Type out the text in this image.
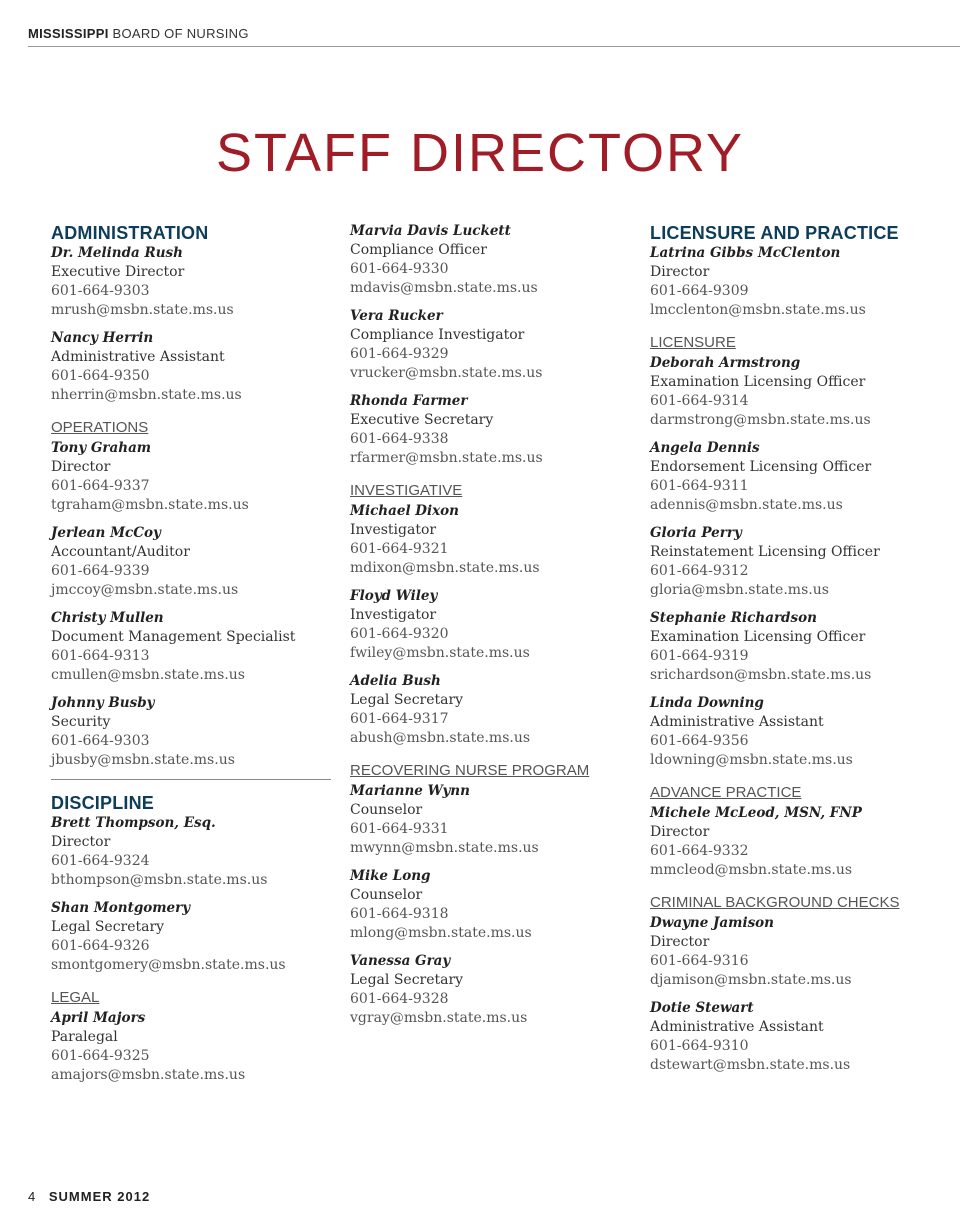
MISSISSIPPI BOARD OF NURSING
STAFF DIRECTORY
ADMINISTRATION
Dr. Melinda Rush
Executive Director
601-664-9303
mrush@msbn.state.ms.us
Nancy Herrin
Administrative Assistant
601-664-9350
nherrin@msbn.state.ms.us
OPERATIONS
Tony Graham
Director
601-664-9337
tgraham@msbn.state.ms.us
Jerlean McCoy
Accountant/Auditor
601-664-9339
jmccoy@msbn.state.ms.us
Christy Mullen
Document Management Specialist
601-664-9313
cmullen@msbn.state.ms.us
Johnny Busby
Security
601-664-9303
jbusby@msbn.state.ms.us
DISCIPLINE
Brett Thompson, Esq.
Director
601-664-9324
bthompson@msbn.state.ms.us
Shan Montgomery
Legal Secretary
601-664-9326
smontgomery@msbn.state.ms.us
LEGAL
April Majors
Paralegal
601-664-9325
amajors@msbn.state.ms.us
Marvia Davis Luckett
Compliance Officer
601-664-9330
mdavis@msbn.state.ms.us
Vera Rucker
Compliance Investigator
601-664-9329
vrucker@msbn.state.ms.us
Rhonda Farmer
Executive Secretary
601-664-9338
rfarmer@msbn.state.ms.us
INVESTIGATIVE
Michael Dixon
Investigator
601-664-9321
mdixon@msbn.state.ms.us
Floyd Wiley
Investigator
601-664-9320
fwiley@msbn.state.ms.us
Adelia Bush
Legal Secretary
601-664-9317
abush@msbn.state.ms.us
RECOVERING NURSE PROGRAM
Marianne Wynn
Counselor
601-664-9331
mwynn@msbn.state.ms.us
Mike Long
Counselor
601-664-9318
mlong@msbn.state.ms.us
Vanessa Gray
Legal Secretary
601-664-9328
vgray@msbn.state.ms.us
LICENSURE AND PRACTICE
Latrina Gibbs McClenton
Director
601-664-9309
lmcclenton@msbn.state.ms.us
LICENSURE
Deborah Armstrong
Examination Licensing Officer
601-664-9314
darmstrong@msbn.state.ms.us
Angela Dennis
Endorsement Licensing Officer
601-664-9311
adennis@msbn.state.ms.us
Gloria Perry
Reinstatement Licensing Officer
601-664-9312
gloria@msbn.state.ms.us
Stephanie Richardson
Examination Licensing Officer
601-664-9319
srichardson@msbn.state.ms.us
Linda Downing
Administrative Assistant
601-664-9356
ldowning@msbn.state.ms.us
ADVANCE PRACTICE
Michele McLeod, MSN, FNP
Director
601-664-9332
mmcleod@msbn.state.ms.us
CRIMINAL BACKGROUND CHECKS
Dwayne Jamison
Director
601-664-9316
djamison@msbn.state.ms.us
Dotie Stewart
Administrative Assistant
601-664-9310
dstewart@msbn.state.ms.us
4 SUMMER 2012
